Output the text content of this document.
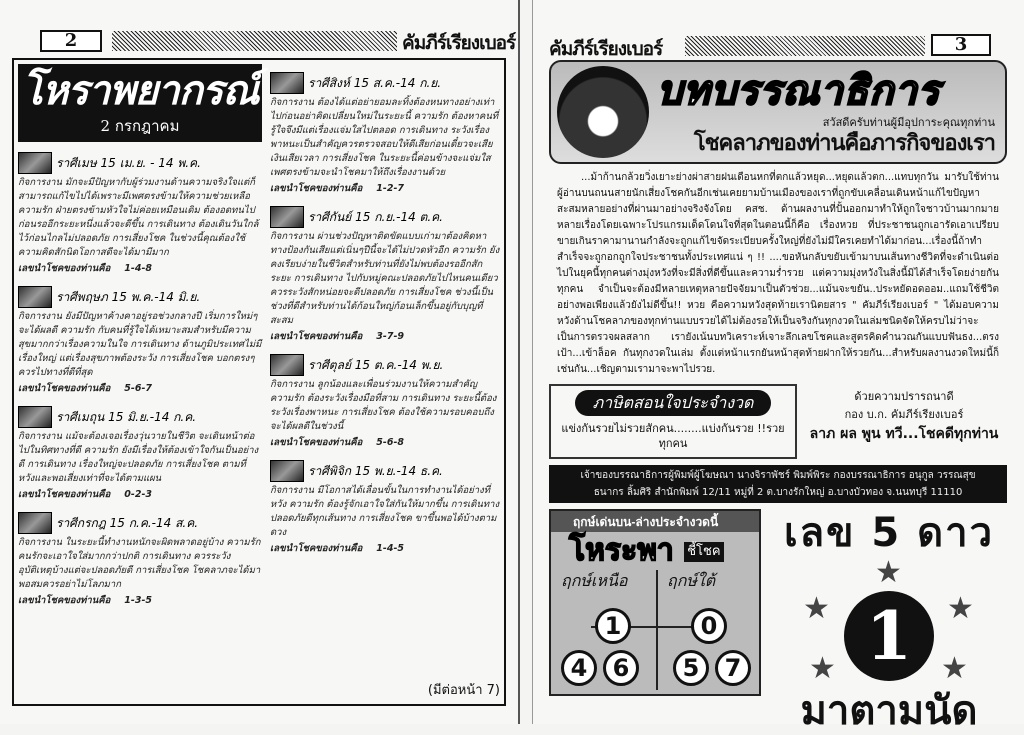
2	คัมภีร์เรียงเบอร์
โหราพยากรณ์
2 กรกฎาคม
ราศีเมษ 15 เม.ย. - 14 พ.ค.
กิจการงาน มักจะมีปัญหากับผู้ร่วมงานด้านความจริงใจแต่ก็สามารถแก้ไขไปได้เพราะมีเพศตรงข้ามให้ความช่วยเหลือ ความรัก ฝ่ายตรงข้ามหัวใจไม่ค่อยเหมือนเดิม ต้องอดทนไปก่อนรออีกระยะหนึ่งแล้วจะดีขึ้น การเดินทาง ต้องเดินวันใกล้ไว้ก่อนไกลไม่ปลอดภัย การเสี่ยงโชค ในช่วงนี้คุณต้องใช้ความคิดสักนิดโอกาสดีจะได้มามีมาก
เลขนำโชคของท่านคือ 1-4-8
ราศีพฤษภ 15 พ.ค.-14 มิ.ย.
กิจการงาน ยังมีปัญหาค้างคาอยู่รอช่วงกลางปี เริ่มการใหม่ๆจะได้ผลดี ความรัก กับคนที่รู้ใจได้เหมาะสมสำหรับมีความสุขมากกว่าเรื่องความในใจ การเดินทาง ด้านภูมิประเทศไม่มีเรื่องใหญ่ แต่เรื่องสุขภาพต้องระวัง การเสี่ยงโชค บอกตรงๆ ควรไปทางที่ดีที่สุด
เลขนำโชคของท่านคือ 5-6-7
ราศีเมถุน 15 มิ.ย.-14 ก.ค.
กิจการงาน แม้จะต้องเจอเรื่องวุ่นวายในชีวิต จะเดินหน้าต่อไปในทิศทางที่ดี ความรัก ยังมีเรื่องให้ต้องเข้าใจกันเป็นอย่างดี การเดินทาง เรื่องใหญ่จะปลอดภัย การเสี่ยงโชค ตามที่หวังและพอเสี่ยงเท่าที่จะได้ตามแผน
เลขนำโชคของท่านคือ 0-2-3
ราศีกรกฎ 15 ก.ค.-14 ส.ค.
กิจการงาน ในระยะนี้ทำงานหนักจะผิดพลาดอยู่บ้าง ความรัก คนรักจะเอาใจใส่มากกว่าปกติ การเดินทาง ควรระวังอุบัติเหตุบ้างแต่จะปลอดภัยดี การเสี่ยงโชค โชคลาภจะได้มาพอสมควรอย่าไม่โลภมาก
เลขนำโชคของท่านคือ 1-3-5
ราศีสิงห์ 15 ส.ค.-14 ก.ย.
กิจการงาน ต้องได้แต่อย่ายอมละทิ้งต้องหนทางอย่างเท่าไปก่อนอย่าคิดเปลี่ยนใหม่ในระยะนี้ ความรัก ต้องหาคนที่รู้ใจจึงมีแต่เรื่องแจ่มใสไปตลอด การเดินทาง ระวังเรื่องพาหนะเป็นสำคัญควรตรวจสอบให้ดีเสียก่อนเดี๋ยวจะเสียเงินเสียเวลา การเสี่ยงโชค ในระยะนี้ค่อนข้างจะแจ่มใส เพศตรงข้ามจะนำโชคมาให้ถึงเรื่องงานด้วย
เลขนำโชคของท่านคือ 1-2-7
ราศีกันย์ 15 ก.ย.-14 ต.ค.
กิจการงาน ผ่านช่วงปัญหาติดขัดแบบเก่ามาต้องคิดหาทางป้องกันเสียแต่เนิ่นๆปีนี้จะได้ไม่ปวดหัวอีก ความรัก ยังคงเรียบง่ายในชีวิตสำหรับท่านที่ยังไม่พบต้องรออีกสักระยะ การเดินทาง ไปกับหมู่คณะปลอดภัยไปไหนคนเดียวควรระวังสักหน่อยจะดีปลอดภัย การเสี่ยงโชค ช่วงนี้เป็นช่วงที่ดีสำหรับท่านได้ก้อนใหญ่ก้อนเล็กขึ้นอยู่กับบุญที่สะสม
เลขนำโชคของท่านคือ 3-7-9
ราศีตุลย์ 15 ต.ค.-14 พ.ย.
กิจการงาน ลูกน้องและเพื่อนร่วมงานให้ความสำคัญ ความรัก ต้องระวังเรื่องมือที่สาม การเดินทาง ระยะนี้ต้องระวังเรื่องพาหนะ การเสี่ยงโชค ต้องใช้ความรอบคอบถึงจะได้ผลดีในช่วงนี้
เลขนำโชคของท่านคือ 5-6-8
ราศีพิจิก 15 พ.ย.-14 ธ.ค.
กิจการงาน มีโอกาสได้เลื่อนขั้นในการทำงานได้อย่างที่หวัง ความรัก ต้องรู้จักเอาใจใส่กันให้มากขึ้น การเดินทาง ปลอดภัยดีทุกเส้นทาง การเสี่ยงโชค ขาขึ้นพอได้บ้างตามดวง
เลขนำโชคของท่านคือ 1-4-5
(มีต่อหน้า 7)
คัมภีร์เรียงเบอร์	3
บทบรรณาธิการ
สวัสดีครับท่านผู้มีอุปการะคุณทุกท่าน
โชคลาภของท่านคือภารกิจของเรา
...ม้าก้านกล้วยวิ่งเยาะย่างผ่าสายฝนเดือนหกที่ตกแล้วหยุด...หยุดแล้วตก...แทบทุกวัน มารับใช้ท่านผู้อ่านบนถนนสายนักเสี่ยงโชคกันอีกเช่นเคยยามบ้านเมืองของเราที่ถูกขับเคลื่อนเดินหน้าแก้ไขปัญหาสะสมหลายอย่างที่ผ่านมาอย่างจริงจังโดย คสช. ด้านผลงานที่ปั้นออกมาทำให้ถูกใจชาวบ้านมากมายหลายเรื่องโดยเฉพาะโปรแกรมเด็ดโดนใจที่สุดในตอนนี้ก็คือ เรื่องหวย ที่ประชาชนถูกเอารัดเอาเปรียบขายเกินราคามานานกำลังจะถูกแก้ไขจัดระเบียบครั้งใหญ่ที่ยังไม่มีใครเคยทำได้มาก่อน...เรื่องนี้ถ้าทำสำเร็จจะถูกอกถูกใจประชาชนทั้งประเทศแน่ ๆ !! ....ขอหันกลับขยับเข้ามาบนเส้นทางชีวิตที่จะดำเนินต่อไปในยุคนี้ทุกคนต่างมุ่งหวังที่จะมีสิ่งที่ดีขึ้นและความร่ำรวย แต่ความมุ่งหวังในสิ่งนี้มิได้สำเร็จโดยง่ายกันทุกคน จำเป็นจะต้องมีหลายเหตุหลายปัจจัยมาเป็นตัวช่วย...แม้นจะขยัน..ประหยัดอดออม..แถมใช้ชีวิตอย่างพอเพียงแล้วยังไม่ดีขึ้น!! หวย คือความหวังสุดท้ายเรานิตยสาร " คัมภีร์เรียงเบอร์ " ได้มอบความหวังด้านโชคลาภของทุกท่านแบบรวยได้ไม่ต้องรอให้เป็นจริงกันทุกงวดในเล่มชนิดจัดให้ครบไม่ว่าจะเป็นการตรวจผลสลาก เรายังเน้นบทวิเคราะห์เจาะลึกเลขโชคและสูตรคิดคำนวณกันแบบฟันธง...ตรงเป้า...เข้าล็อค กันทุกงวดในเล่ม ตั้งแต่หน้าแรกยันหน้าสุดท้ายฝากให้รวยกัน...สำหรับผลงานงวดใหม่นี้ก็เช่นกัน...เชิญตามเรามาจะพาไปรวย.
ภาษิตสอนใจประจำงวด
แข่งกันรวยไม่รวยสักคน........แบ่งกันรวย !!รวยทุกคน
ด้วยความปรารถนาดี
กอง บ.ก. คัมภีร์เรียงเบอร์
ลาภ ผล พูน ทวี...โชคดีทุกท่าน
เจ้าของบรรณาธิการผู้พิมพ์ผู้โฆษณา นางจิราพัชร์ พิมพ์พิระ กองบรรณาธิการ อนุกูล วรรณสุข
ธนากร ลิ้มศิริ สำนักพิมพ์ 12/11 หมู่ที่ 2 ต.บางรักใหญ่ อ.บางบัวทอง จ.นนทบุรี 11110
ฤกษ์เด่นบน-ล่างประจำงวดนี้
โหระพา ชี้โชค
ฤกษ์เหนือ ฤกษ์ใต้
1
4	6
0
5	7
เลข 5 ดาว
★
★	★
★	★
1
มาตามนัด
